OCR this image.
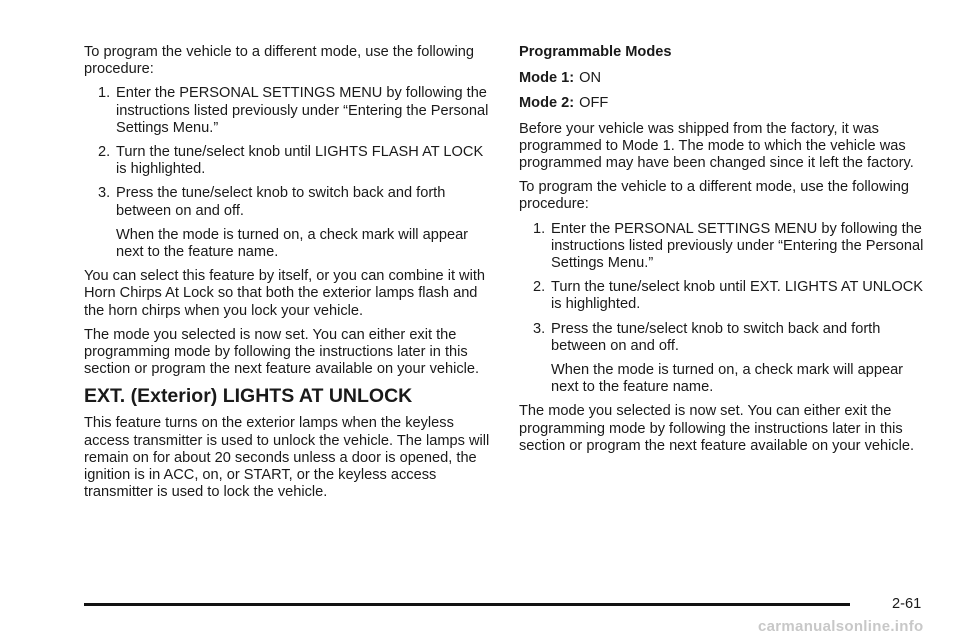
To program the vehicle to a different mode, use the following procedure:

1. Enter the PERSONAL SETTINGS MENU by following the instructions listed previously under “Entering the Personal Settings Menu.”
2. Turn the tune/select knob until LIGHTS FLASH AT LOCK is highlighted.
3. Press the tune/select knob to switch back and forth between on and off.

When the mode is turned on, a check mark will appear next to the feature name.

You can select this feature by itself, or you can combine it with Horn Chirps At Lock so that both the exterior lamps flash and the horn chirps when you lock your vehicle.

The mode you selected is now set. You can either exit the programming mode by following the instructions later in this section or program the next feature available on your vehicle.

EXT. (Exterior) LIGHTS AT UNLOCK

This feature turns on the exterior lamps when the keyless access transmitter is used to unlock the vehicle. The lamps will remain on for about 20 seconds unless a door is opened, the ignition is in ACC, on, or START, or the keyless access transmitter is used to lock the vehicle.

Programmable Modes

Mode 1: ON

Mode 2: OFF

Before your vehicle was shipped from the factory, it was programmed to Mode 1. The mode to which the vehicle was programmed may have been changed since it left the factory.

To program the vehicle to a different mode, use the following procedure:

1. Enter the PERSONAL SETTINGS MENU by following the instructions listed previously under “Entering the Personal Settings Menu.”
2. Turn the tune/select knob until EXT. LIGHTS AT UNLOCK is highlighted.
3. Press the tune/select knob to switch back and forth between on and off.

When the mode is turned on, a check mark will appear next to the feature name.

The mode you selected is now set. You can either exit the programming mode by following the instructions later in this section or program the next feature available on your vehicle.

2-61
carmanualsonline.info
